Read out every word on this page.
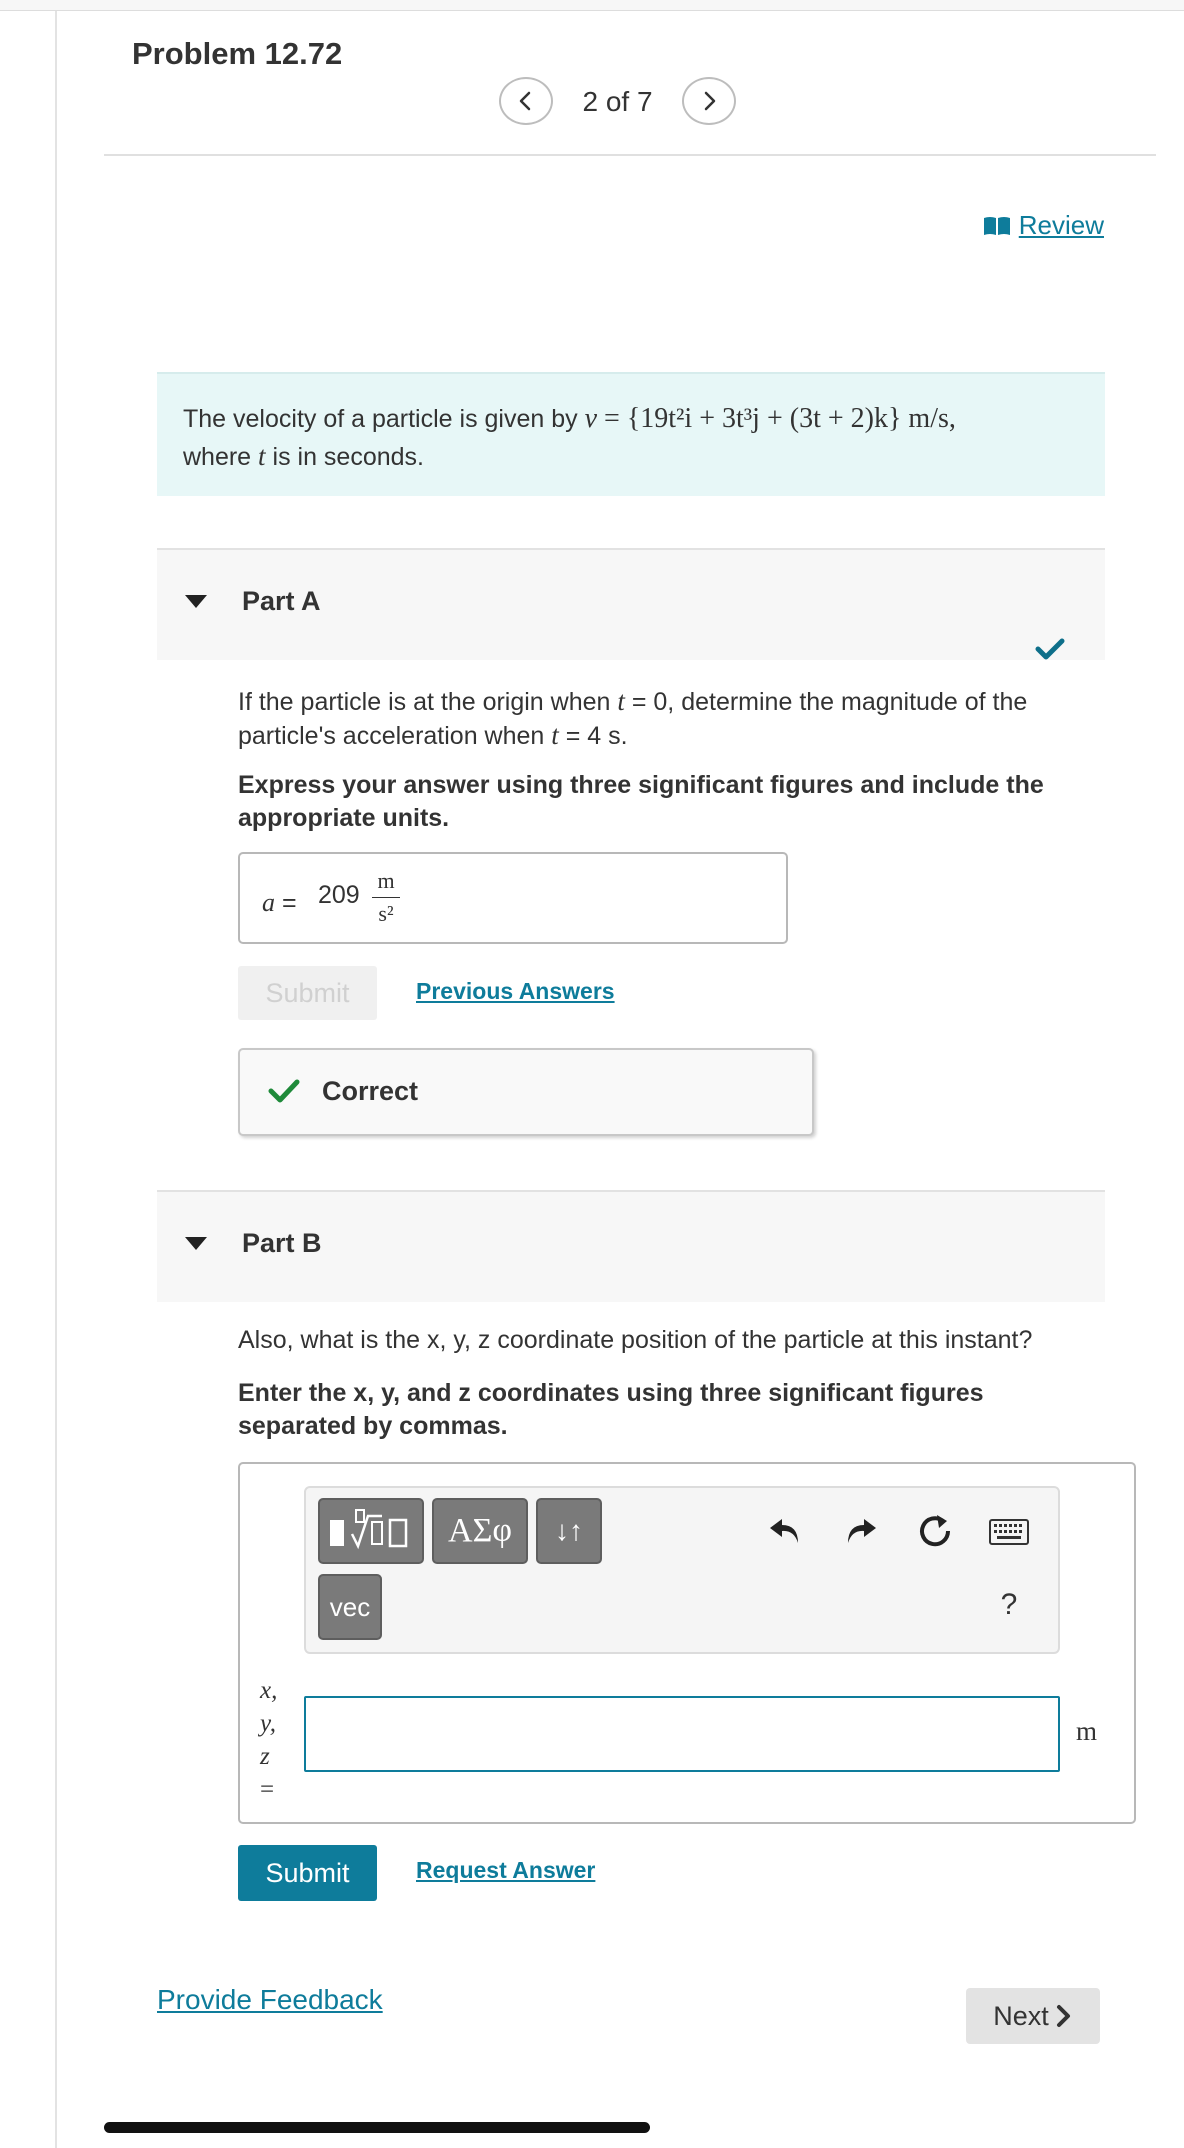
Problem 12.72
2 of 7
Review
The velocity of a particle is given by v = {19t²i + 3t³j + (3t + 2)k} m/s,
where t is in seconds.
Part A
If the particle is at the origin when t = 0, determine the magnitude of the particle's acceleration when t = 4 s.
Express your answer using three significant figures and include the appropriate units.
a = 209
m
s²
Submit	Previous Answers
Correct
Part B
Also, what is the x, y, z coordinate position of the particle at this instant?
Enter the x, y, and z coordinates using three significant figures separated by commas.
ΑΣφ	↓↑
vec	?
x,
y,
z
=
m
Submit	Request Answer
Provide Feedback
Next
